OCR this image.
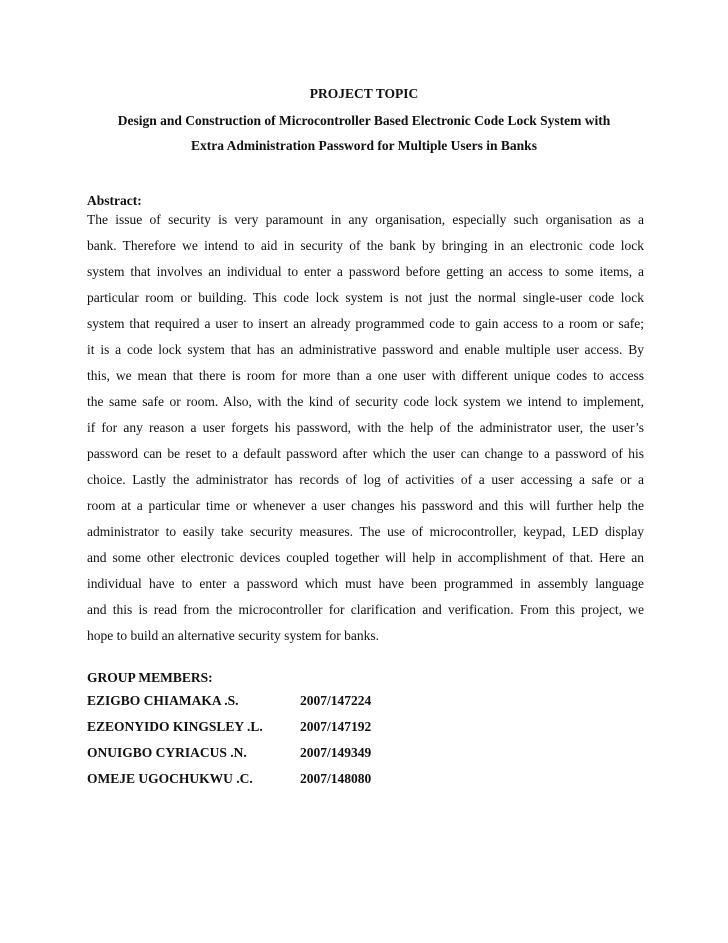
PROJECT TOPIC
Design and Construction of Microcontroller Based Electronic Code Lock System with
Extra Administration Password for Multiple Users in Banks
Abstract:
The issue of security is very paramount in any organisation, especially such organisation as a
bank. Therefore we intend to aid in security of the bank by bringing in an electronic code lock
system that involves an individual to enter a password before getting an access to some items, a
particular room or building. This code lock system is not just the normal single-user code lock
system that required a user to insert an already programmed code to gain access to a room or safe;
it is a code lock system that has an administrative password and enable multiple user access. By
this, we mean that there is room for more than a one user with different unique codes to access
the same safe or room. Also, with the kind of security code lock system we intend to implement,
if for any reason a user forgets his password, with the help of the administrator user, the user’s
password can be reset to a default password after which the user can change to a password of his
choice. Lastly the administrator has records of log of activities of a user accessing a safe or a
room at a particular time or whenever a user changes his password and this will further help the
administrator to easily take security measures. The use of microcontroller, keypad, LED display
and some other electronic devices coupled together will help in accomplishment of that. Here an
individual have to enter a password which must have been programmed in assembly language
and this is read from the microcontroller for clarification and verification. From this project, we
hope to build an alternative security system for banks.
GROUP MEMBERS:
EZIGBO CHIAMAKA .S.	2007/147224
EZEONYIDO KINGSLEY .L.	2007/147192
ONUIGBO CYRIACUS .N.	2007/149349
OMEJE UGOCHUKWU .C.	2007/148080
